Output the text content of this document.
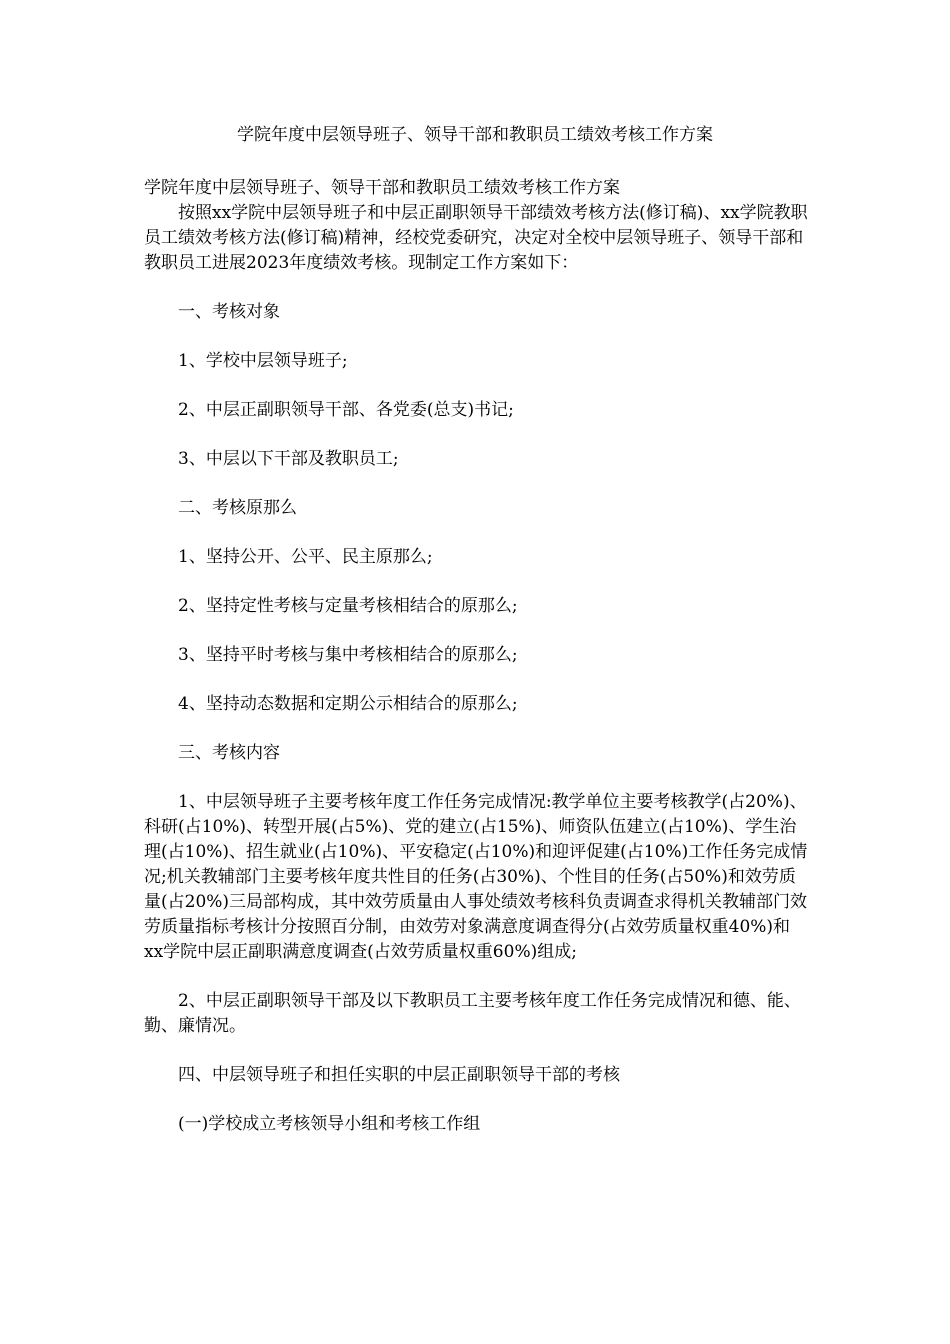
学院年度中层领导班子、领导干部和教职员工绩效考核工作方案

学院年度中层领导班子、领导干部和教职员工绩效考核工作方案

按照xx学院中层领导班子和中层正副职领导干部绩效考核方法(修订稿)、xx学院教职员工绩效考核方法(修订稿)精神，经校党委研究，决定对全校中层领导班子、领导干部和教职员工进展2023年度绩效考核。现制定工作方案如下：

一、考核对象

1、学校中层领导班子;

2、中层正副职领导干部、各党委(总支)书记;

3、中层以下干部及教职员工;

二、考核原那么

1、坚持公开、公平、民主原那么;

2、坚持定性考核与定量考核相结合的原那么;

3、坚持平时考核与集中考核相结合的原那么;

4、坚持动态数据和定期公示相结合的原那么;

三、考核内容

1、中层领导班子主要考核年度工作任务完成情况:教学单位主要考核教学(占20%)、科研(占10%)、转型开展(占5%)、党的建立(占15%)、师资队伍建立(占10%)、学生治理(占10%)、招生就业(占10%)、平安稳定(占10%)和迎评促建(占10%)工作任务完成情况;机关教辅部门主要考核年度共性目的任务(占30%)、个性目的任务(占50%)和效劳质量(占20%)三局部构成，其中效劳质量由人事处绩效考核科负责调查求得机关教辅部门效劳质量指标考核计分按照百分制，由效劳对象满意度调查得分(占效劳质量权重40%)和xx学院中层正副职满意度调查(占效劳质量权重60%)组成;

2、中层正副职领导干部及以下教职员工主要考核年度工作任务完成情况和德、能、勤、廉情况。

四、中层领导班子和担任实职的中层正副职领导干部的考核

(一)学校成立考核领导小组和考核工作组
